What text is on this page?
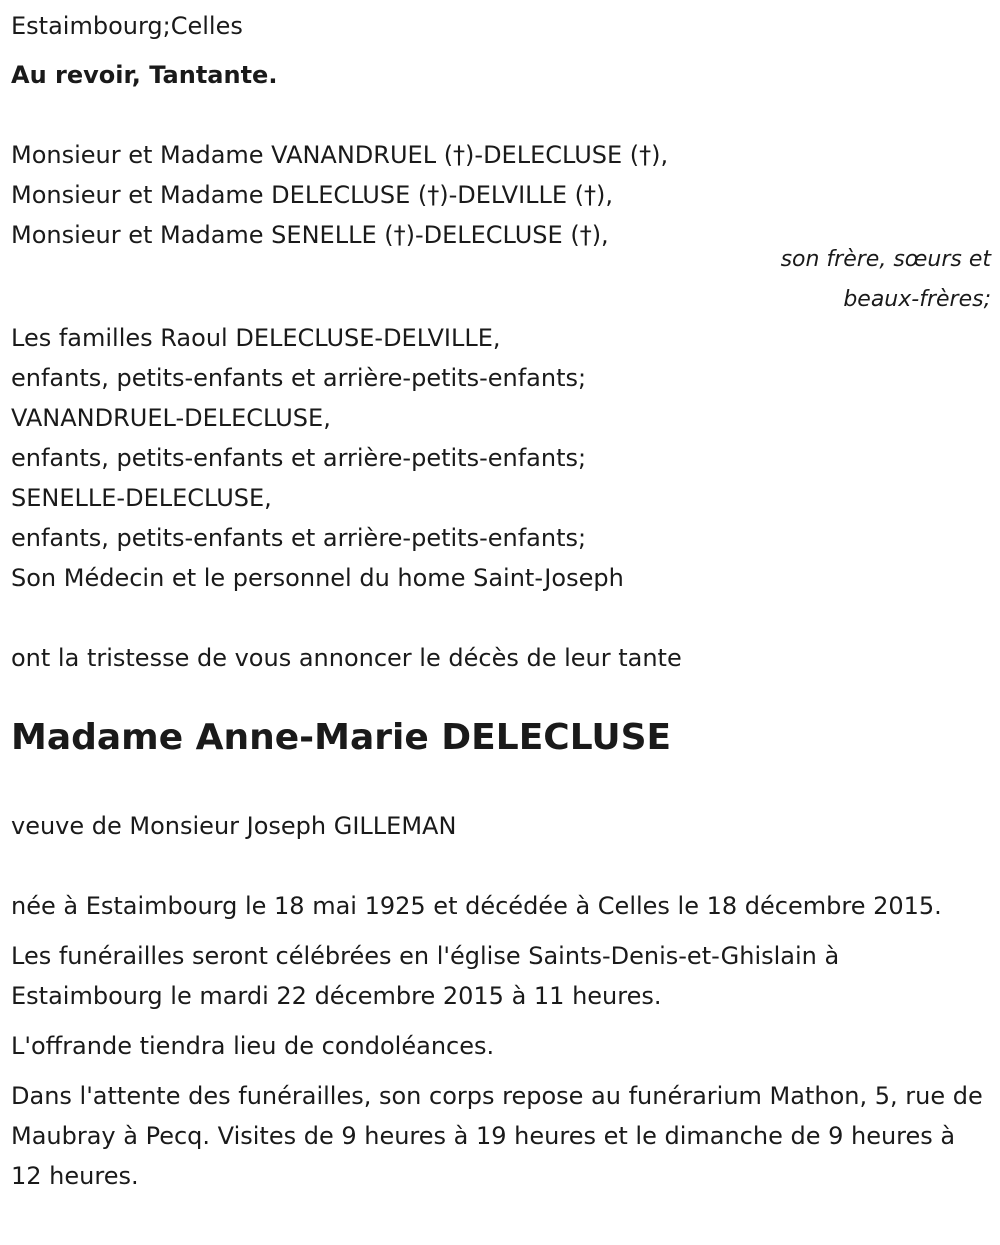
Estaimbourg;Celles
Au revoir, Tantante.
Monsieur et Madame VANANDRUEL (†)-DELECLUSE (†),
Monsieur et Madame DELECLUSE (†)-DELVILLE (†),
Monsieur et Madame SENELLE (†)-DELECLUSE (†),
son frère, sœurs et
beaux-frères;
Les familles Raoul DELECLUSE-DELVILLE,
enfants, petits-enfants et arrière-petits-enfants;
VANANDRUEL-DELECLUSE,
enfants, petits-enfants et arrière-petits-enfants;
SENELLE-DELECLUSE,
enfants, petits-enfants et arrière-petits-enfants;
Son Médecin et le personnel du home Saint-Joseph
ont la tristesse de vous annoncer le décès de leur tante
Madame Anne-Marie DELECLUSE
veuve de Monsieur Joseph GILLEMAN

née à Estaimbourg le 18 mai 1925 et décédée à Celles le 18 décembre 2015.

Les funérailles seront célébrées en l'église Saints-Denis-et-Ghislain à Estaimbourg le mardi 22 décembre 2015 à 11 heures.

L'offrande tiendra lieu de condoléances.

Dans l'attente des funérailles, son corps repose au funérarium Mathon, 5, rue de Maubray à Pecq. Visites de 9 heures à 19 heures et le dimanche de 9 heures à 12 heures.
